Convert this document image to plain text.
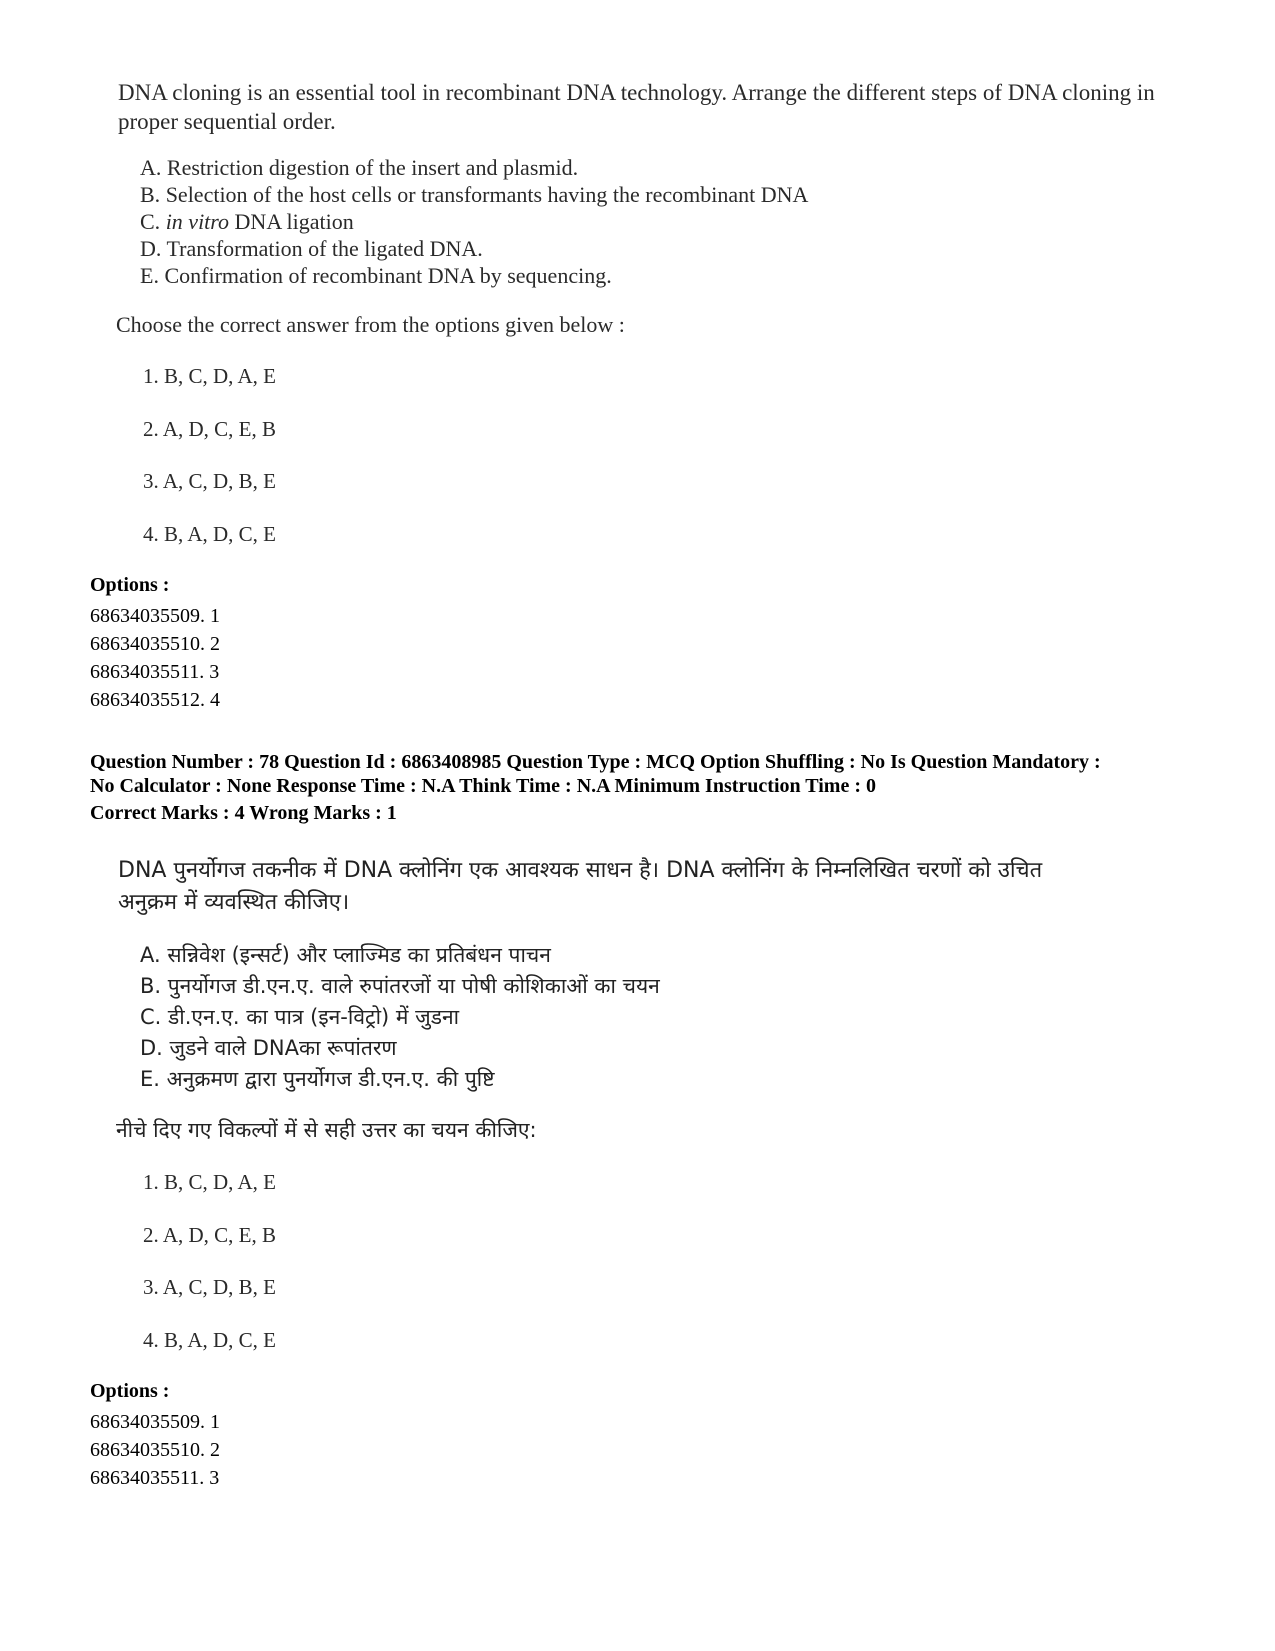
DNA cloning is an essential tool in recombinant DNA technology. Arrange the different steps of DNA cloning in proper sequential order.

A. Restriction digestion of the insert and plasmid.
B. Selection of the host cells or transformants having the recombinant DNA
C. in vitro DNA ligation
D. Transformation of the ligated DNA.
E. Confirmation of recombinant DNA by sequencing.

Choose the correct answer from the options given below :

1. B, C, D, A, E
2. A, D, C, E, B
3. A, C, D, B, E
4. B, A, D, C, E

Options :

68634035509. 1
68634035510. 2
68634035511. 3
68634035512. 4

Question Number : 78 Question Id : 6863408985 Question Type : MCQ Option Shuffling : No Is Question Mandatory :

No Calculator : None Response Time : N.A Think Time : N.A Minimum Instruction Time : 0

Correct Marks : 4 Wrong Marks : 1

DNA पुनर्योगज तकनीक में DNA क्लोनिंग एक आवश्यक साधन है। DNA क्लोनिंग के निम्नलिखित चरणों को उचित

अनुक्रम में व्यवस्थित कीजिए।

A. सन्निवेश (इन्सर्ट) और प्लाज्मिड का प्रतिबंधन पाचन
B. पुनर्योगज डी.एन.ए. वाले रुपांतरजों या पोषी कोशिकाओं का चयन
C. डी.एन.ए. का पात्र (इन-विट्रो) में जुडना
D. जुडने वाले DNAका रूपांतरण
E. अनुक्रमण द्वारा पुनर्योगज डी.एन.ए. की पुष्टि

नीचे दिए गए विकल्पों में से सही उत्तर का चयन कीजिए:

1. B, C, D, A, E
2. A, D, C, E, B
3. A, C, D, B, E
4. B, A, D, C, E

Options :

68634035509. 1
68634035510. 2
68634035511. 3
